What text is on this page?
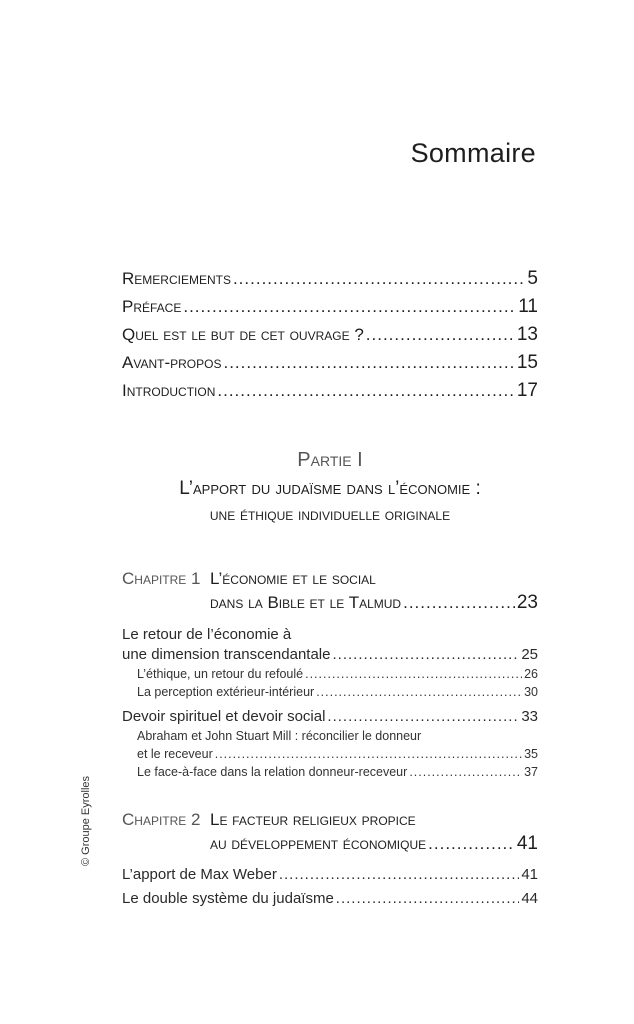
Sommaire
Remerciements .....	5
Préface .....	11
Quel est le but de cet ouvrage ? .....	13
Avant-propos .....	15
Introduction .....	17
Partie I
L’apport du judaïsme dans l’économie :
une éthique individuelle originale
Chapitre 1 L’économie et le social
dans la Bible et le Talmud .....	23
Le retour de l’économie à
une dimension transcendantale .....	25
L’éthique, un retour du refoulé .....	26
La perception extérieur-intérieur .....	30
Devoir spirituel et devoir social .....	33
Abraham et John Stuart Mill : réconcilier le donneur
et le receveur .....	35
Le face-à-face dans la relation donneur-receveur .....	37
Chapitre 2 Le facteur religieux propice
au développement économique .....	41
L’apport de Max Weber .....	41
Le double système du judaïsme .....	44
© Groupe Eyrolles
